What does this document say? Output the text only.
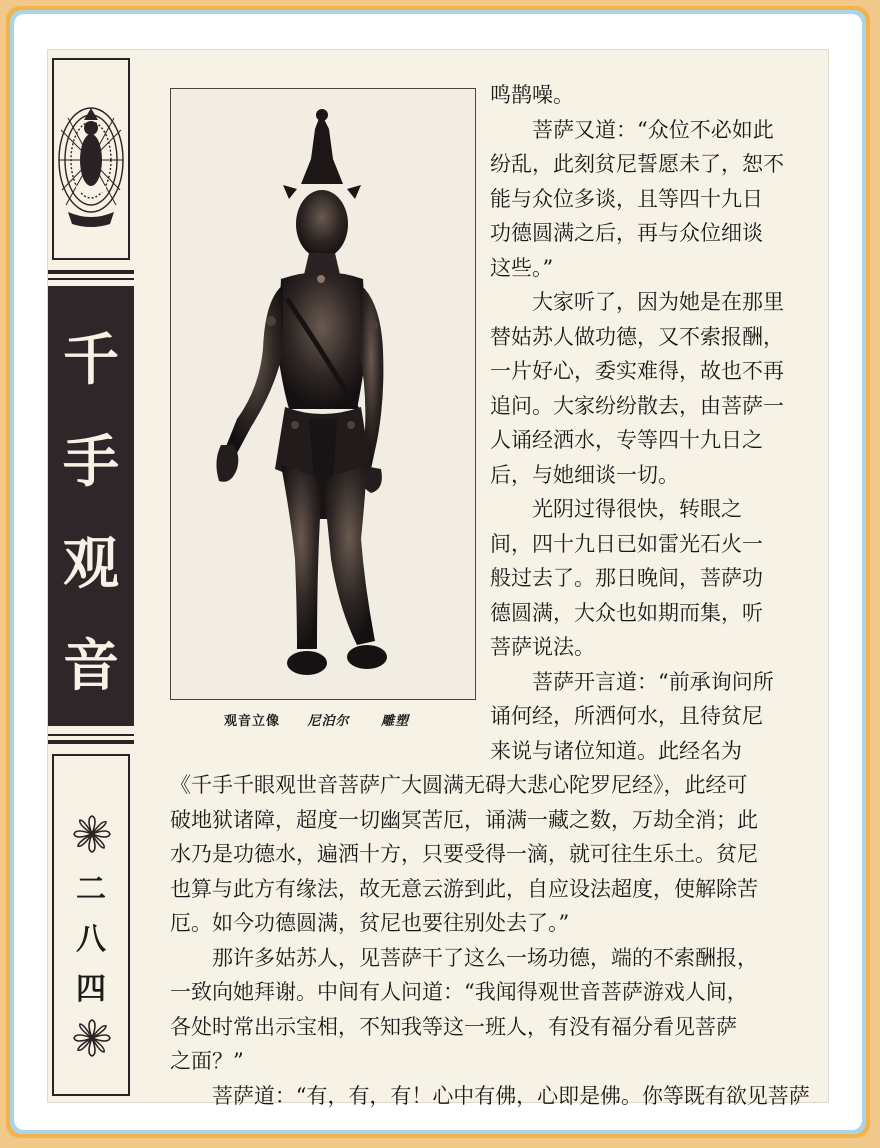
千
手
观
音
二
八
四
观音立像 尼泊尔 雕塑
鸣鹊噪。
　　菩萨又道：“众位不必如此
纷乱，此刻贫尼誓愿未了，恕不
能与众位多谈，且等四十九日
功德圆满之后，再与众位细谈
这些。”
　　大家听了，因为她是在那里
替姑苏人做功德，又不索报酬，
一片好心，委实难得，故也不再
追问。大家纷纷散去，由菩萨一
人诵经洒水，专等四十九日之
后，与她细谈一切。
　　光阴过得很快，转眼之
间，四十九日已如雷光石火一
般过去了。那日晚间，菩萨功
德圆满，大众也如期而集，听
菩萨说法。
　　菩萨开言道：“前承询问所
诵何经，所洒何水，且待贫尼
来说与诸位知道。此经名为
《千手千眼观世音菩萨广大圆满无碍大悲心陀罗尼经》，此经可
破地狱诸障，超度一切幽冥苦厄，诵满一藏之数，万劫全消；此
水乃是功德水，遍洒十方，只要受得一滴，就可往生乐土。贫尼
也算与此方有缘法，故无意云游到此，自应设法超度，使解除苦
厄。如今功德圆满，贫尼也要往别处去了。”
　　那许多姑苏人，见菩萨干了这么一场功德，端的不索酬报，
一致向她拜谢。中间有人问道：“我闻得观世音菩萨游戏人间，
各处时常出示宝相，不知我等这一班人，有没有福分看见菩萨
之面？”
　　菩萨道：“有，有，有！心中有佛，心即是佛。你等既有欲见菩萨
